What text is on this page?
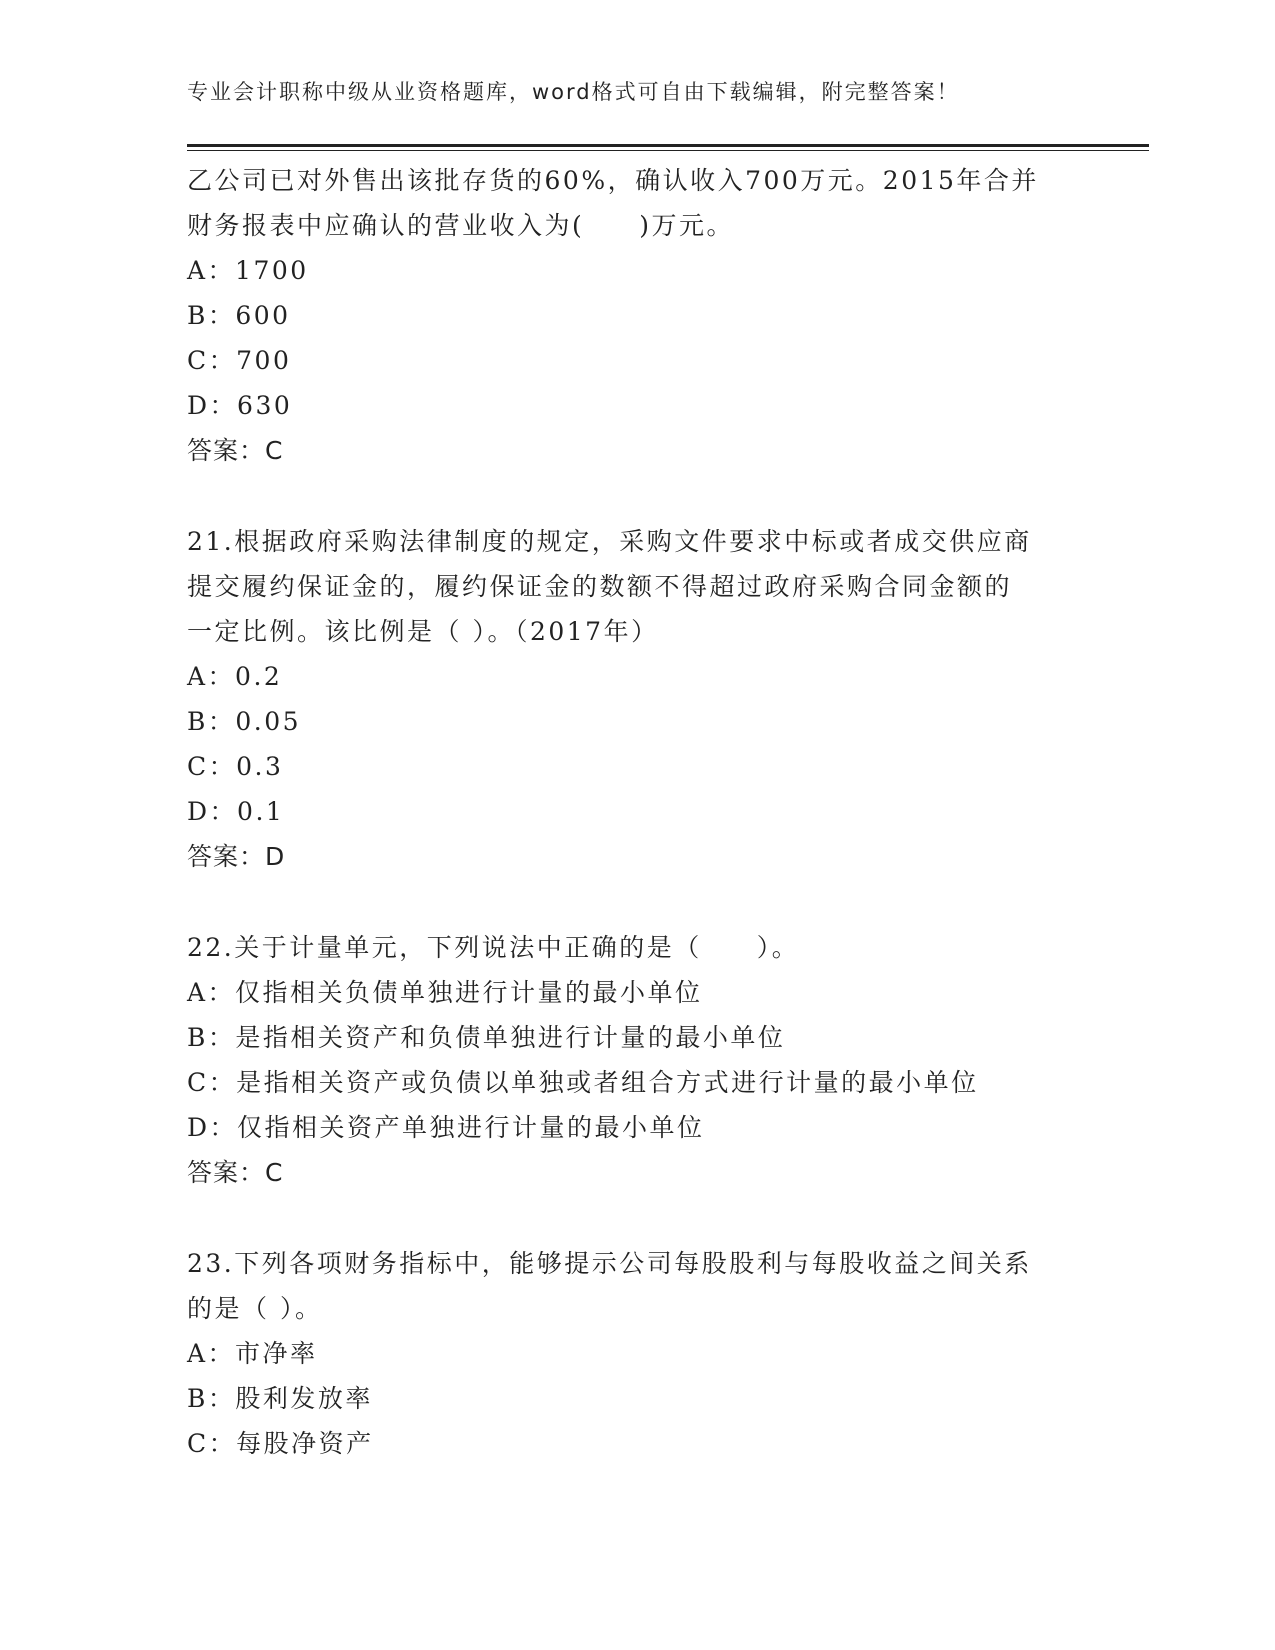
专业会计职称中级从业资格题库，word格式可自由下载编辑，附完整答案！
乙公司已对外售出该批存货的60%，确认收入700万元。2015年合并
财务报表中应确认的营业收入为(　　)万元。
A：1700
B：600
C：700
D：630
答案：C
21.根据政府采购法律制度的规定，采购文件要求中标或者成交供应商
提交履约保证金的，履约保证金的数额不得超过政府采购合同金额的
一定比例。该比例是（ ）。（2017年）
A：0.2
B：0.05
C：0.3
D：0.1
答案：D
22.关于计量单元，下列说法中正确的是（　　）。
A：仅指相关负债单独进行计量的最小单位
B：是指相关资产和负债单独进行计量的最小单位
C：是指相关资产或负债以单独或者组合方式进行计量的最小单位
D：仅指相关资产单独进行计量的最小单位
答案：C
23.下列各项财务指标中，能够提示公司每股股利与每股收益之间关系
的是（ ）。
A：市净率
B：股利发放率
C：每股净资产
